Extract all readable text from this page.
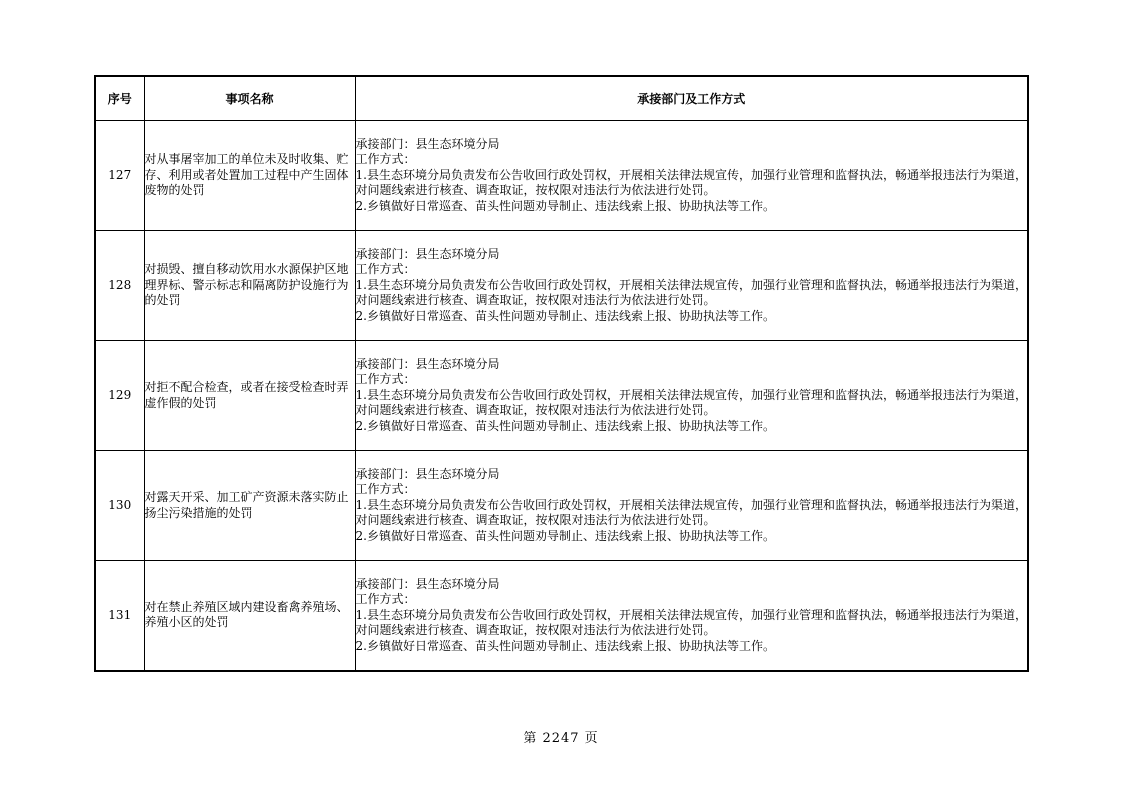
序号	事项名称	承接部门及工作方式
127	对从事屠宰加工的单位未及时收集、贮存、利用或者处置加工过程中产生固体废物的处罚	承接部门：县生态环境分局
工作方式：
1.县生态环境分局负责发布公告收回行政处罚权，开展相关法律法规宣传，加强行业管理和监督执法，畅通举报违法行为渠道，对问题线索进行核查、调查取证，按权限对违法行为依法进行处罚。
2.乡镇做好日常巡查、苗头性问题劝导制止、违法线索上报、协助执法等工作。

128	对损毁、擅自移动饮用水水源保护区地理界标、警示标志和隔离防护设施行为的处罚	承接部门：县生态环境分局
工作方式：
1.县生态环境分局负责发布公告收回行政处罚权，开展相关法律法规宣传，加强行业管理和监督执法，畅通举报违法行为渠道，对问题线索进行核查、调查取证，按权限对违法行为依法进行处罚。
2.乡镇做好日常巡查、苗头性问题劝导制止、违法线索上报、协助执法等工作。

129	对拒不配合检查，或者在接受检查时弄虚作假的处罚	承接部门：县生态环境分局
工作方式：
1.县生态环境分局负责发布公告收回行政处罚权，开展相关法律法规宣传，加强行业管理和监督执法，畅通举报违法行为渠道，对问题线索进行核查、调查取证，按权限对违法行为依法进行处罚。
2.乡镇做好日常巡查、苗头性问题劝导制止、违法线索上报、协助执法等工作。

130	对露天开采、加工矿产资源未落实防止扬尘污染措施的处罚	承接部门：县生态环境分局
工作方式：
1.县生态环境分局负责发布公告收回行政处罚权，开展相关法律法规宣传，加强行业管理和监督执法，畅通举报违法行为渠道，对问题线索进行核查、调查取证，按权限对违法行为依法进行处罚。
2.乡镇做好日常巡查、苗头性问题劝导制止、违法线索上报、协助执法等工作。

131	对在禁止养殖区域内建设畜禽养殖场、养殖小区的处罚	承接部门：县生态环境分局
工作方式：
1.县生态环境分局负责发布公告收回行政处罚权，开展相关法律法规宣传，加强行业管理和监督执法，畅通举报违法行为渠道，对问题线索进行核查、调查取证，按权限对违法行为依法进行处罚。
2.乡镇做好日常巡查、苗头性问题劝导制止、违法线索上报、协助执法等工作。
第 2247 页
